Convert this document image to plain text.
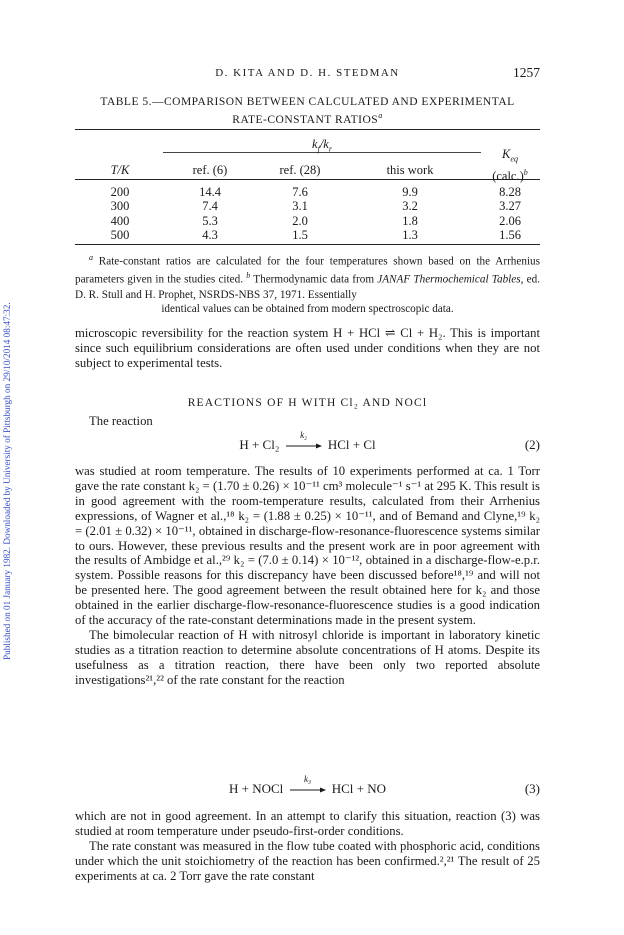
Published on 01 January 1982. Downloaded by University of Pittsburgh on 29/10/2014 08:47:32.
D. KITA AND D. H. STEDMAN	1257
TABLE 5.—COMPARISON BETWEEN CALCULATED AND EXPERIMENTAL
RATE-CONSTANT RATIOS$^a$
$k_f/k_r$
T/K	ref. (6)	ref. (28)	this work
$K_{eq}$
(calc.)$^b$
200	14.4	7.6	9.9	8.28
300	7.4	3.1	3.2	3.27
400	5.3	2.0	1.8	2.06
500	4.3	1.5	1.3	1.56
$^a$ Rate-constant ratios are calculated for the four temperatures shown based on the Arrhenius parameters given in the studies cited. $^b$ Thermodynamic data from JANAF Thermochemical Tables, ed. D. R. Stull and H. Prophet, NSRDS-NBS 37, 1971. Essentially
identical values can be obtained from modern spectroscopic data.

microscopic reversibility for the reaction system H + HCl ⇌ Cl + H₂. This is important since such equilibrium considerations are often used under conditions when they are not subject to experimental tests.

REACTIONS OF H WITH Cl₂ AND NOCl

The reaction

H + Cl₂
k₂
HCl + Cl	(2)

was studied at room temperature. The results of 10 experiments performed at ca. 1 Torr gave the rate constant k₂ = (1.70 ± 0.26) × 10⁻¹¹ cm³ molecule⁻¹ s⁻¹ at 295 K. This result is in good agreement with the room-temperature results, calculated from their Arrhenius expressions, of Wagner et al.,¹⁸ k₂ = (1.88 ± 0.25) × 10⁻¹¹, and of Bemand and Clyne,¹⁹ k₂ = (2.01 ± 0.32) × 10⁻¹¹, obtained in discharge-flow-resonance-fluorescence systems similar to ours. However, these previous results and the present work are in poor agreement with the results of Ambidge et al.,²⁹ k₂ = (7.0 ± 0.14) × 10⁻¹², obtained in a discharge-flow-e.p.r. system. Possible reasons for this discrepancy have been discussed before¹⁸,¹⁹ and will not be presented here. The good agreement between the result obtained here for k₂ and those obtained in the earlier discharge-flow-resonance-fluorescence studies is a good indication of the accuracy of the rate-constant determinations made in the present system.

The bimolecular reaction of H with nitrosyl chloride is important in laboratory kinetic studies as a titration reaction to determine absolute concentrations of H atoms. Despite its usefulness as a titration reaction, there have been only two reported absolute investigations²¹,²² of the rate constant for the reaction

H + NOCl
k₃
HCl + NO	(3)

which are not in good agreement. In an attempt to clarify this situation, reaction (3) was studied at room temperature under pseudo-first-order conditions.

The rate constant was measured in the flow tube coated with phosphoric acid, conditions under which the unit stoichiometry of the reaction has been confirmed.²,²¹ The result of 25 experiments at ca. 2 Torr gave the rate constant
